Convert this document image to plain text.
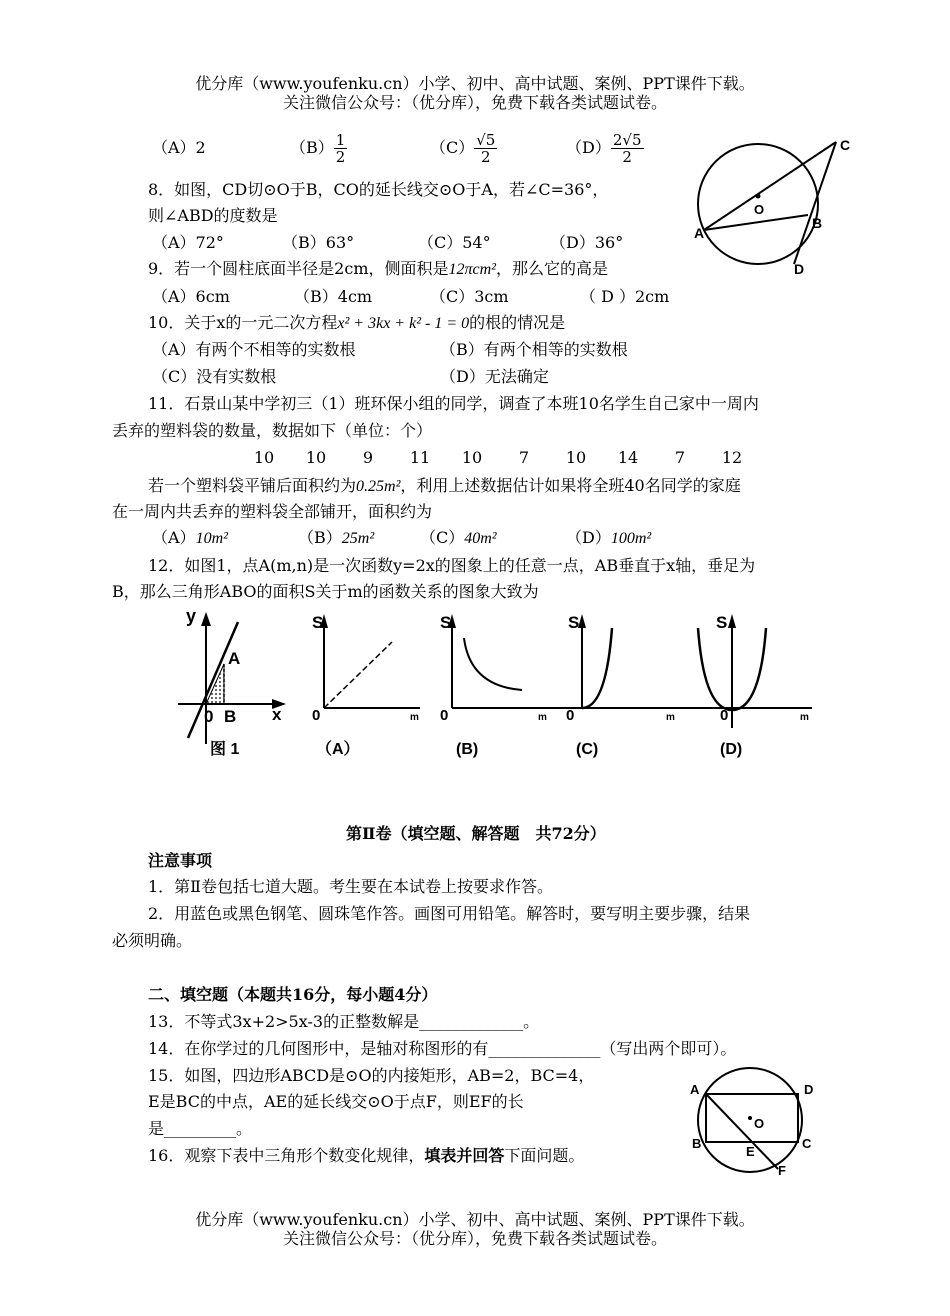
优分库（www.youfenku.cn）小学、初中、高中试题、案例、PPT课件下载。
关注微信公众号：（优分库），免费下载各类试题试卷。
（A）2	$(B) \frac{1}{2}$	$(C) \frac{√5}{2}$	$(D) \frac{2√5}{2}$
A
B
C
D
O
8．如图，CD切⊙O于B，CO的延长线交⊙O于A，若∠C=36°，
则∠ABD的度数是
（A）72°	（B）63°	（C）54°	（D）36°
9．若一个圆柱底面半径是2cm，侧面积是12πcm²，那么它的高是
（A）6cm	（B）4cm	（C）3cm	（ D ）2cm
10．关于x的一元二次方程x² + 3kx + k² - 1 = 0的根的情况是
（A）有两个不相等的实数根	（B）有两个相等的实数根
（C）没有实数根	（D）无法确定
11．石景山某中学初三（1）班环保小组的同学，调查了本班10名学生自己家中一周内
丢弃的塑料袋的数量，数据如下（单位：个）
10 10 9 11 10 7 10 14 7 12
若一个塑料袋平铺后面积约为0.25m²，利用上述数据估计如果将全班40名同学的家庭
在一周内共丢弃的塑料袋全部铺开，面积约为
（A）10m²	（B）25m²	（C）40m²	（D）100m²
12．如图1，点A(m,n)是一次函数y=2x的图象上的任意一点，AB垂直于x轴，垂足为
B，那么三角形ABO的面积S关于m的函数关系的图象大致为
y
A
0 B x
图 1
S
0	m
（A）
S
0	m
(B)
S
0	m
(C)
S
0	m
(D)
第Ⅱ卷（填空题、解答题　共72分）
注意事项
1．第Ⅱ卷包括七道大题。考生要在本试卷上按要求作答。
2．用蓝色或黑色钢笔、圆珠笔作答。画图可用铅笔。解答时，要写明主要步骤，结果
必须明确。
二、填空题（本题共16分，每小题4分）
13．不等式3x+2>5x-3的正整数解是_____________。
14．在你学过的几何图形中，是轴对称图形的有______________（写出两个即可）。
15．如图，四边形ABCD是⊙O的内接矩形，AB=2，BC=4，
E是BC的中点，AE的延长线交⊙O于点F，则EF的长
是_________。
16．观察下表中三角形个数变化规律，填表并回答下面问题。
A	D
O
B
E
C
F
优分库（www.youfenku.cn）小学、初中、高中试题、案例、PPT课件下载。
关注微信公众号：（优分库），免费下载各类试题试卷。
